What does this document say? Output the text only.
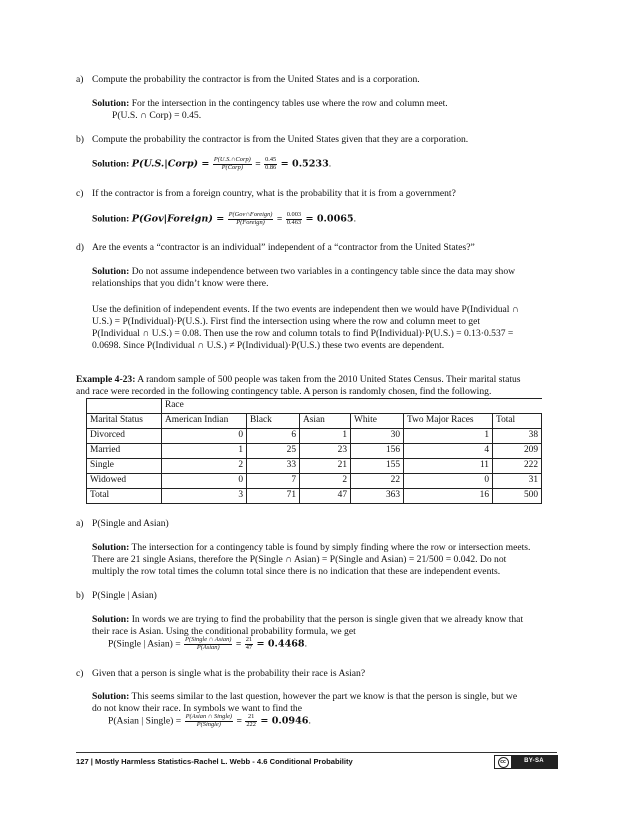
a) Compute the probability the contractor is from the United States and is a corporation.
Solution: For the intersection in the contingency tables use where the row and column meet.
P(U.S. ∩ Corp) = 0.45.
b) Compute the probability the contractor is from the United States given that they are a corporation.
Solution: P(U.S.|Corp) = $\frac{\text{P(U.S.∩Corp)}}{\text{P(Corp)}} = \frac{0.45}{0.86} = 0.5233$.
c) If the contractor is from a foreign country, what is the probability that it is from a government?
Solution: P(Gov|Foreign) = $\frac{\text{P(Gov∩Foreign)}}{\text{P(Foreign)}} = \frac{0.003}{0.463} = 0.0065$.
d) Are the events a “contractor is an individual” independent of a “contractor from the United States?”
Solution: Do not assume independence between two variables in a contingency table since the data may show
relationships that you didn’t know were there.
Use the definition of independent events. If the two events are independent then we would have P(Individual ∩
U.S.) = P(Individual)·P(U.S.). First find the intersection using where the row and column meet to get
P(Individual ∩ U.S.) = 0.08. Then use the row and column totals to find P(Individual)·P(U.S.) = 0.13·0.537 =
0.0698. Since P(Individual ∩ U.S.) ≠ P(Individual)·P(U.S.) these two events are dependent.
Example 4-23: A random sample of 500 people was taken from the 2010 United States Census. Their marital status
and race were recorded in the following contingency table. A person is randomly chosen, find the following.
	Race					
Marital Status	American Indian	Black	Asian	White	Two Major Races	Total
Divorced	0	6	1	30	1	38
Married	1	25	23	156	4	209
Single	2	33	21	155	11	222
Widowed	0	7	2	22	0	31
Total	3	71	47	363	16	500
a) P(Single and Asian)
Solution: The intersection for a contingency table is found by simply finding where the row or intersection meets.
There are 21 single Asians, therefore the P(Single ∩ Asian) = P(Single and Asian) = 21/500 = 0.042. Do not
multiply the row total times the column total since there is no indication that these are independent events.
b) P(Single | Asian)
Solution: In words we are trying to find the probability that the person is single given that we already know that
their race is Asian. Using the conditional probability formula, we get
P(Single | Asian) = $\frac{\text{P(Single ∩ Asian)}}{\text{P(Asian)}} = \frac{21}{47} = 0.4468$.
c) Given that a person is single what is the probability their race is Asian?
Solution: This seems similar to the last question, however the part we know is that the person is single, but we
do not know their race. In symbols we want to find the
P(Asian | Single) = $\frac{\text{P(Asian ∩ Single)}}{\text{P(Single)}} = \frac{21}{222} = 0.0946$.
127 | Mostly Harmless Statistics-Rachel L. Webb - 4.6 Conditional Probability	cc	BY-SA
